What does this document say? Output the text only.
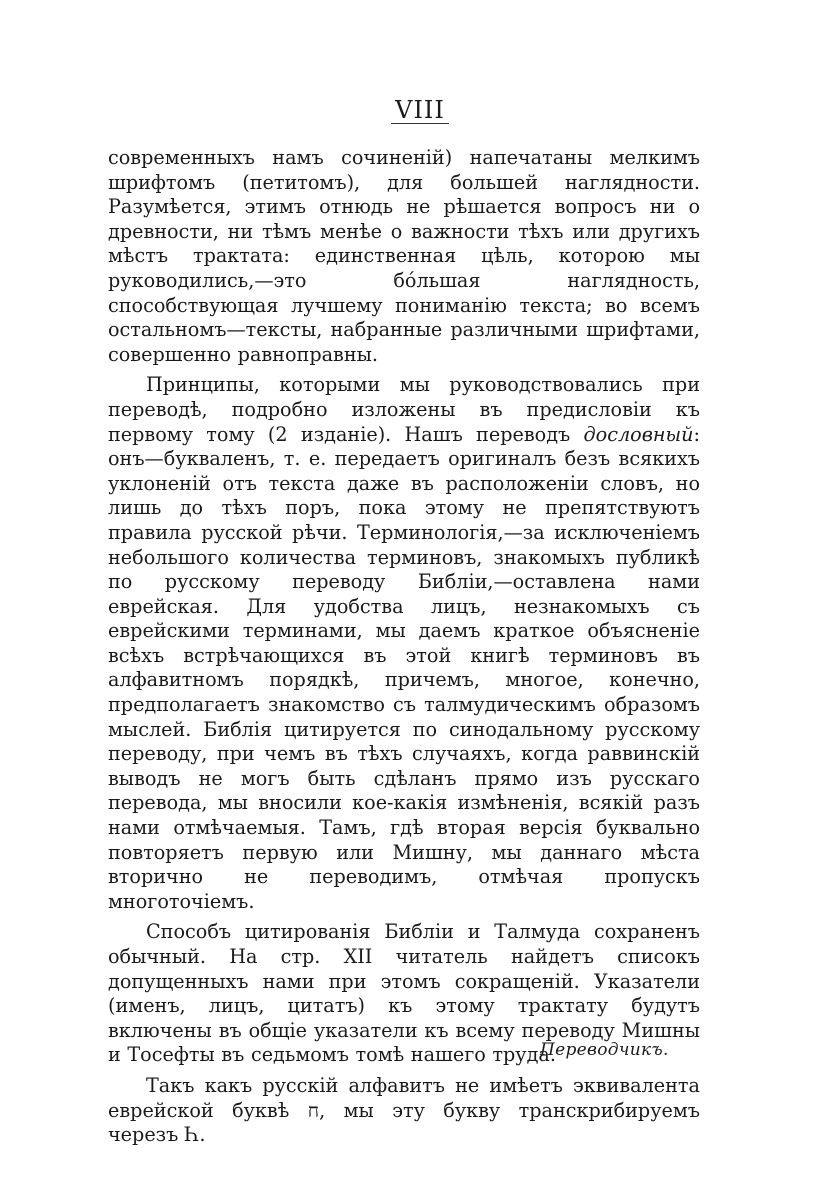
VIII

современныхъ намъ сочиненій) напечатаны мелкимъ шрифтомъ (петитомъ), для большей наглядности. Разумѣется, этимъ отнюдь не рѣшается вопросъ ни о древности, ни тѣмъ менѣе о важности тѣхъ или другихъ мѣстъ трактата: единственная цѣль, которою мы руководились,—это бóльшая наглядность, способствующая лучшему пониманію текста; во всемъ остальномъ—тексты, набранные различными шрифтами, совершенно равноправны.

Принципы, которыми мы руководствовались при переводѣ, подробно изложены въ предисловіи къ первому тому (2 изданіе). Нашъ переводъ дословный: онъ—букваленъ, т. е. передаетъ оригиналъ безъ всякихъ уклоненій отъ текста даже въ расположеніи словъ, но лишь до тѣхъ поръ, пока этому не препятствуютъ правила русской рѣчи. Терминологія,—за исключеніемъ небольшого количества терминовъ, знакомыхъ публикѣ по русскому переводу Библіи,—оставлена нами еврейская. Для удобства лицъ, незнакомыхъ съ еврейскими терминами, мы даемъ краткое объясненіе всѣхъ встрѣчающихся въ этой книгѣ терминовъ въ алфавитномъ порядкѣ, причемъ, многое, конечно, предполагаетъ знакомство съ талмудическимъ образомъ мыслей. Библія цитируется по синодальному русскому переводу, при чемъ въ тѣхъ случаяхъ, когда раввинскій выводъ не могъ быть сдѣланъ прямо изъ русскаго перевода, мы вносили кое-какія измѣненія, всякій разъ нами отмѣчаемыя. Тамъ, гдѣ вторая версія буквально повторяетъ первую или Мишну, мы даннаго мѣста вторично не переводимъ, отмѣчая пропускъ многоточіемъ.

Способъ цитированія Библіи и Талмуда сохраненъ обычный. На стр. XII читатель найдетъ списокъ допущенныхъ нами при этомъ сокращеній. Указатели (именъ, лицъ, цитатъ) къ этому трактату будутъ включены въ общіе указатели къ всему переводу Мишны и Тосефты въ седьмомъ томѣ нашего труда.

Такъ какъ русскій алфавитъ не имѣетъ эквивалента еврейской буквѣ ח, мы эту букву транскрибируемъ черезъ Һ.

Переводчикъ.
